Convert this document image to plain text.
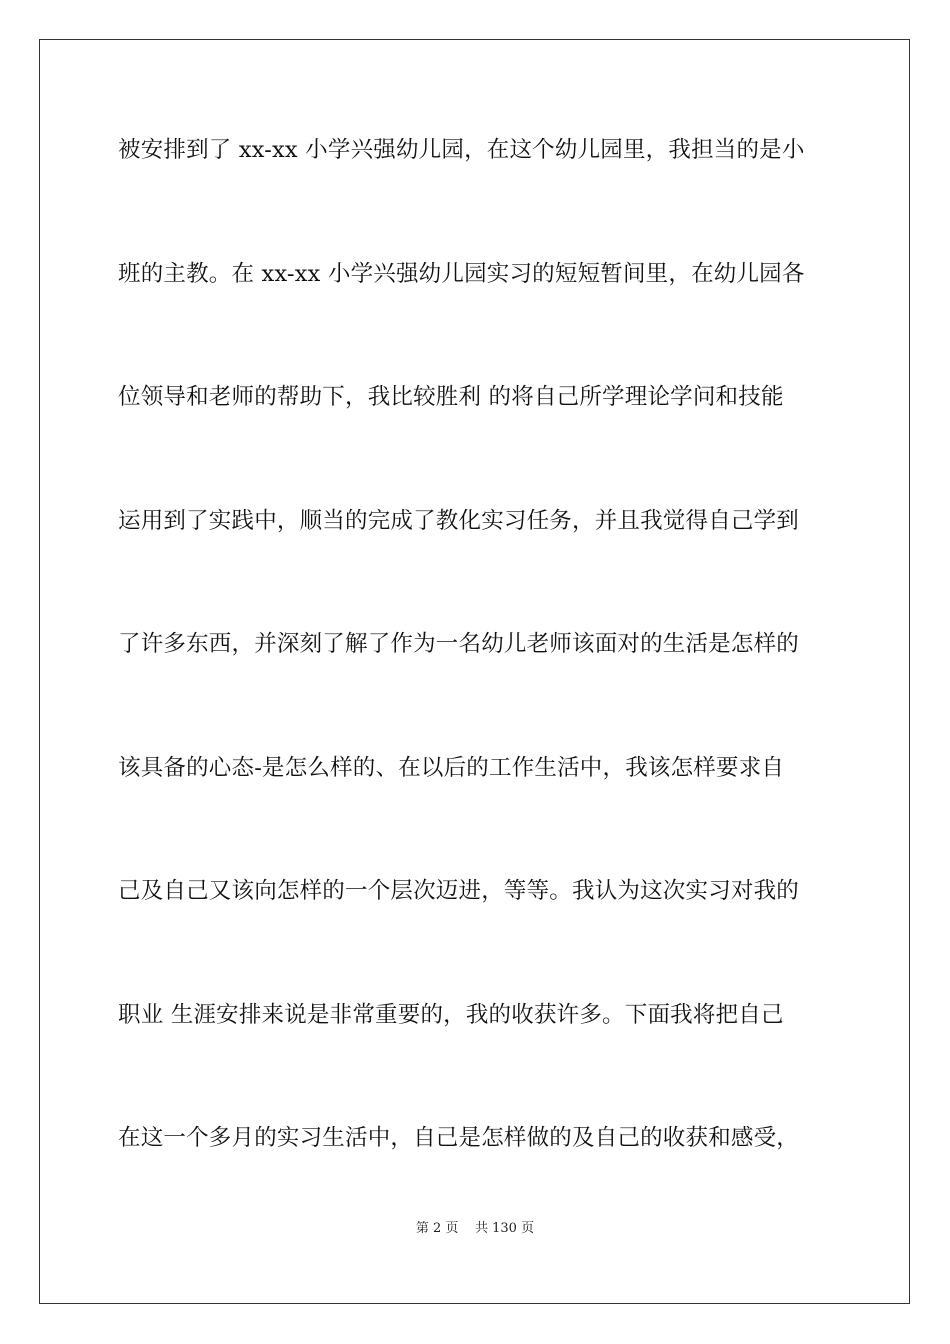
被安排到了 xx-xx 小学兴强幼儿园，在这个幼儿园里，我担当的是小
班的主教。在 xx-xx 小学兴强幼儿园实习的短短暂间里，在幼儿园各
位领导和老师的帮助下，我比较胜利 的将自己所学理论学问和技能
运用到了实践中，顺当的完成了教化实习任务，并且我觉得自己学到
了许多东西，并深刻了解了作为一名幼儿老师该面对的生活是怎样的
该具备的心态-是怎么样的、在以后的工作生活中，我该怎样要求自
己及自己又该向怎样的一个层次迈进，等等。我认为这次实习对我的
职业 生涯安排来说是非常重要的，我的收获许多。下面我将把自己
在这一个多月的实习生活中，自己是怎样做的及自己的收获和感受，
第 2 页 共 130 页
